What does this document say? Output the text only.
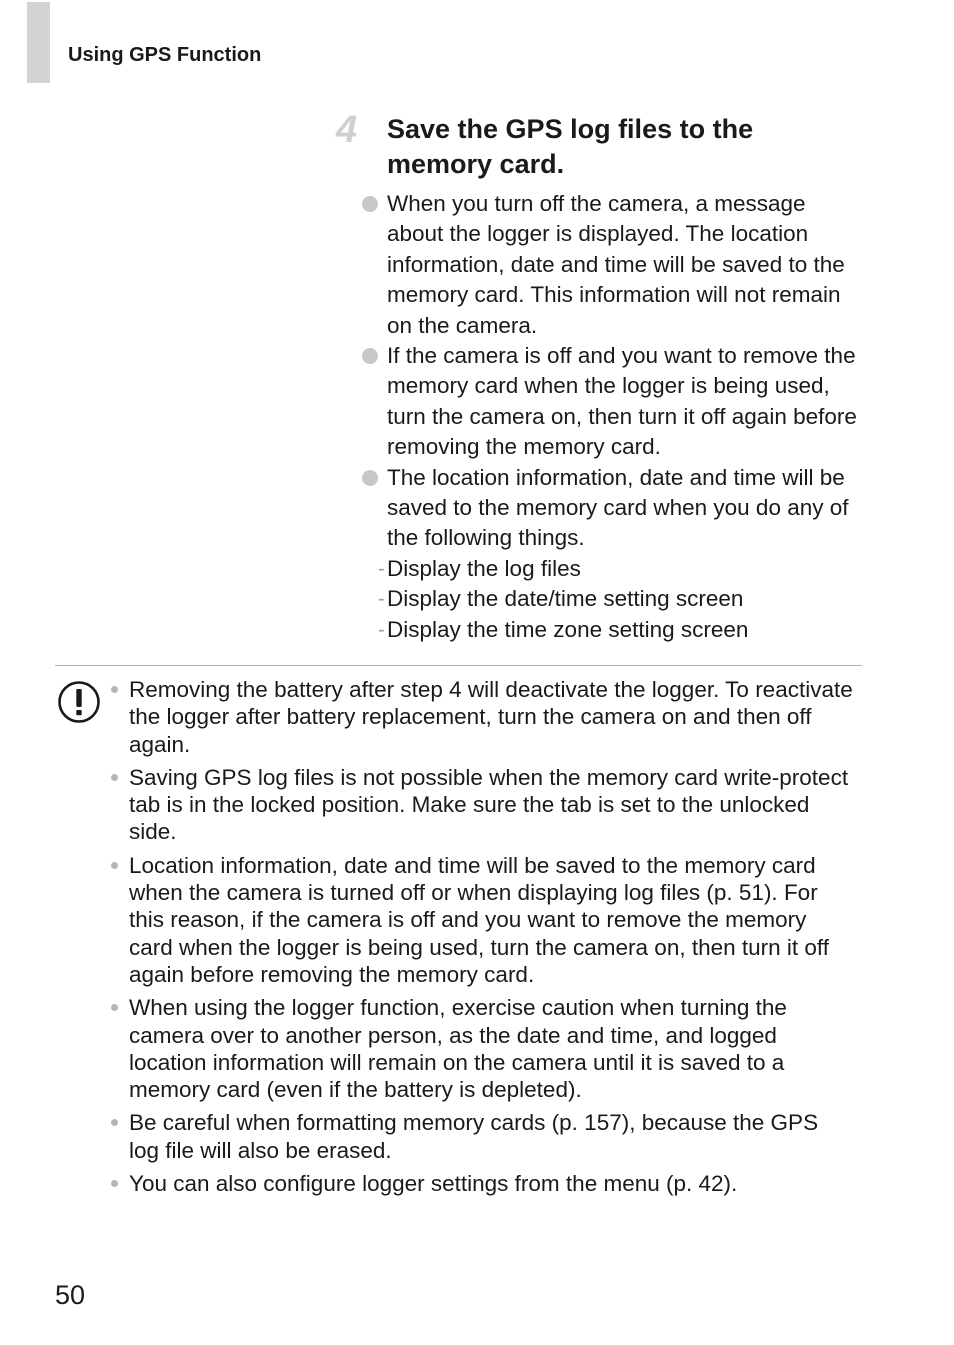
Using GPS Function
4 Save the GPS log files to the memory card.
When you turn off the camera, a message about the logger is displayed. The location information, date and time will be saved to the memory card. This information will not remain on the camera.
If the camera is off and you want to remove the memory card when the logger is being used, turn the camera on, then turn it off again before removing the memory card.
The location information, date and time will be saved to the memory card when you do any of the following things.
- Display the log files
- Display the date/time setting screen
- Display the time zone setting screen
Removing the battery after step 4 will deactivate the logger. To reactivate the logger after battery replacement, turn the camera on and then off again.
Saving GPS log files is not possible when the memory card write-protect tab is in the locked position. Make sure the tab is set to the unlocked side.
Location information, date and time will be saved to the memory card when the camera is turned off or when displaying log files (p. 51). For this reason, if the camera is off and you want to remove the memory card when the logger is being used, turn the camera on, then turn it off again before removing the memory card.
When using the logger function, exercise caution when turning the camera over to another person, as the date and time, and logged location information will remain on the camera until it is saved to a memory card (even if the battery is depleted).
Be careful when formatting memory cards (p. 157), because the GPS log file will also be erased.
You can also configure logger settings from the menu (p. 42).
50
